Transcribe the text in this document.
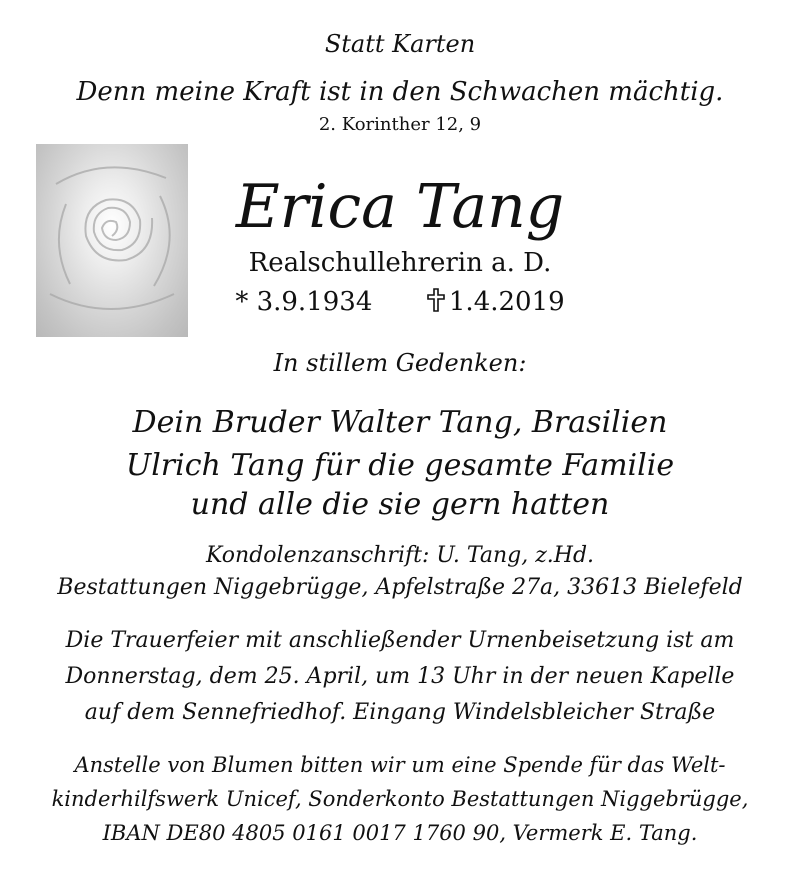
Statt Karten
Denn meine Kraft ist in den Schwachen mächtig.
2. Korinther 12, 9
Erica Tang
Realschullehrerin a. D.
* 3.9.1934	1.4.2019
In stillem Gedenken:
Dein Bruder Walter Tang, Brasilien
Ulrich Tang für die gesamte Familie
und alle die sie gern hatten
Kondolenzanschrift: U. Tang, z.Hd.
Bestattungen Niggebrügge, Apfelstraße 27a, 33613 Bielefeld
Die Trauerfeier mit anschließender Urnenbeisetzung ist am
Donnerstag, dem 25. April, um 13 Uhr in der neuen Kapelle
auf dem Sennefriedhof. Eingang Windelsbleicher Straße
Anstelle von Blumen bitten wir um eine Spende für das Welt-
kinderhilfswerk Unicef, Sonderkonto Bestattungen Niggebrügge,
IBAN DE80 4805 0161 0017 1760 90, Vermerk E. Tang.
